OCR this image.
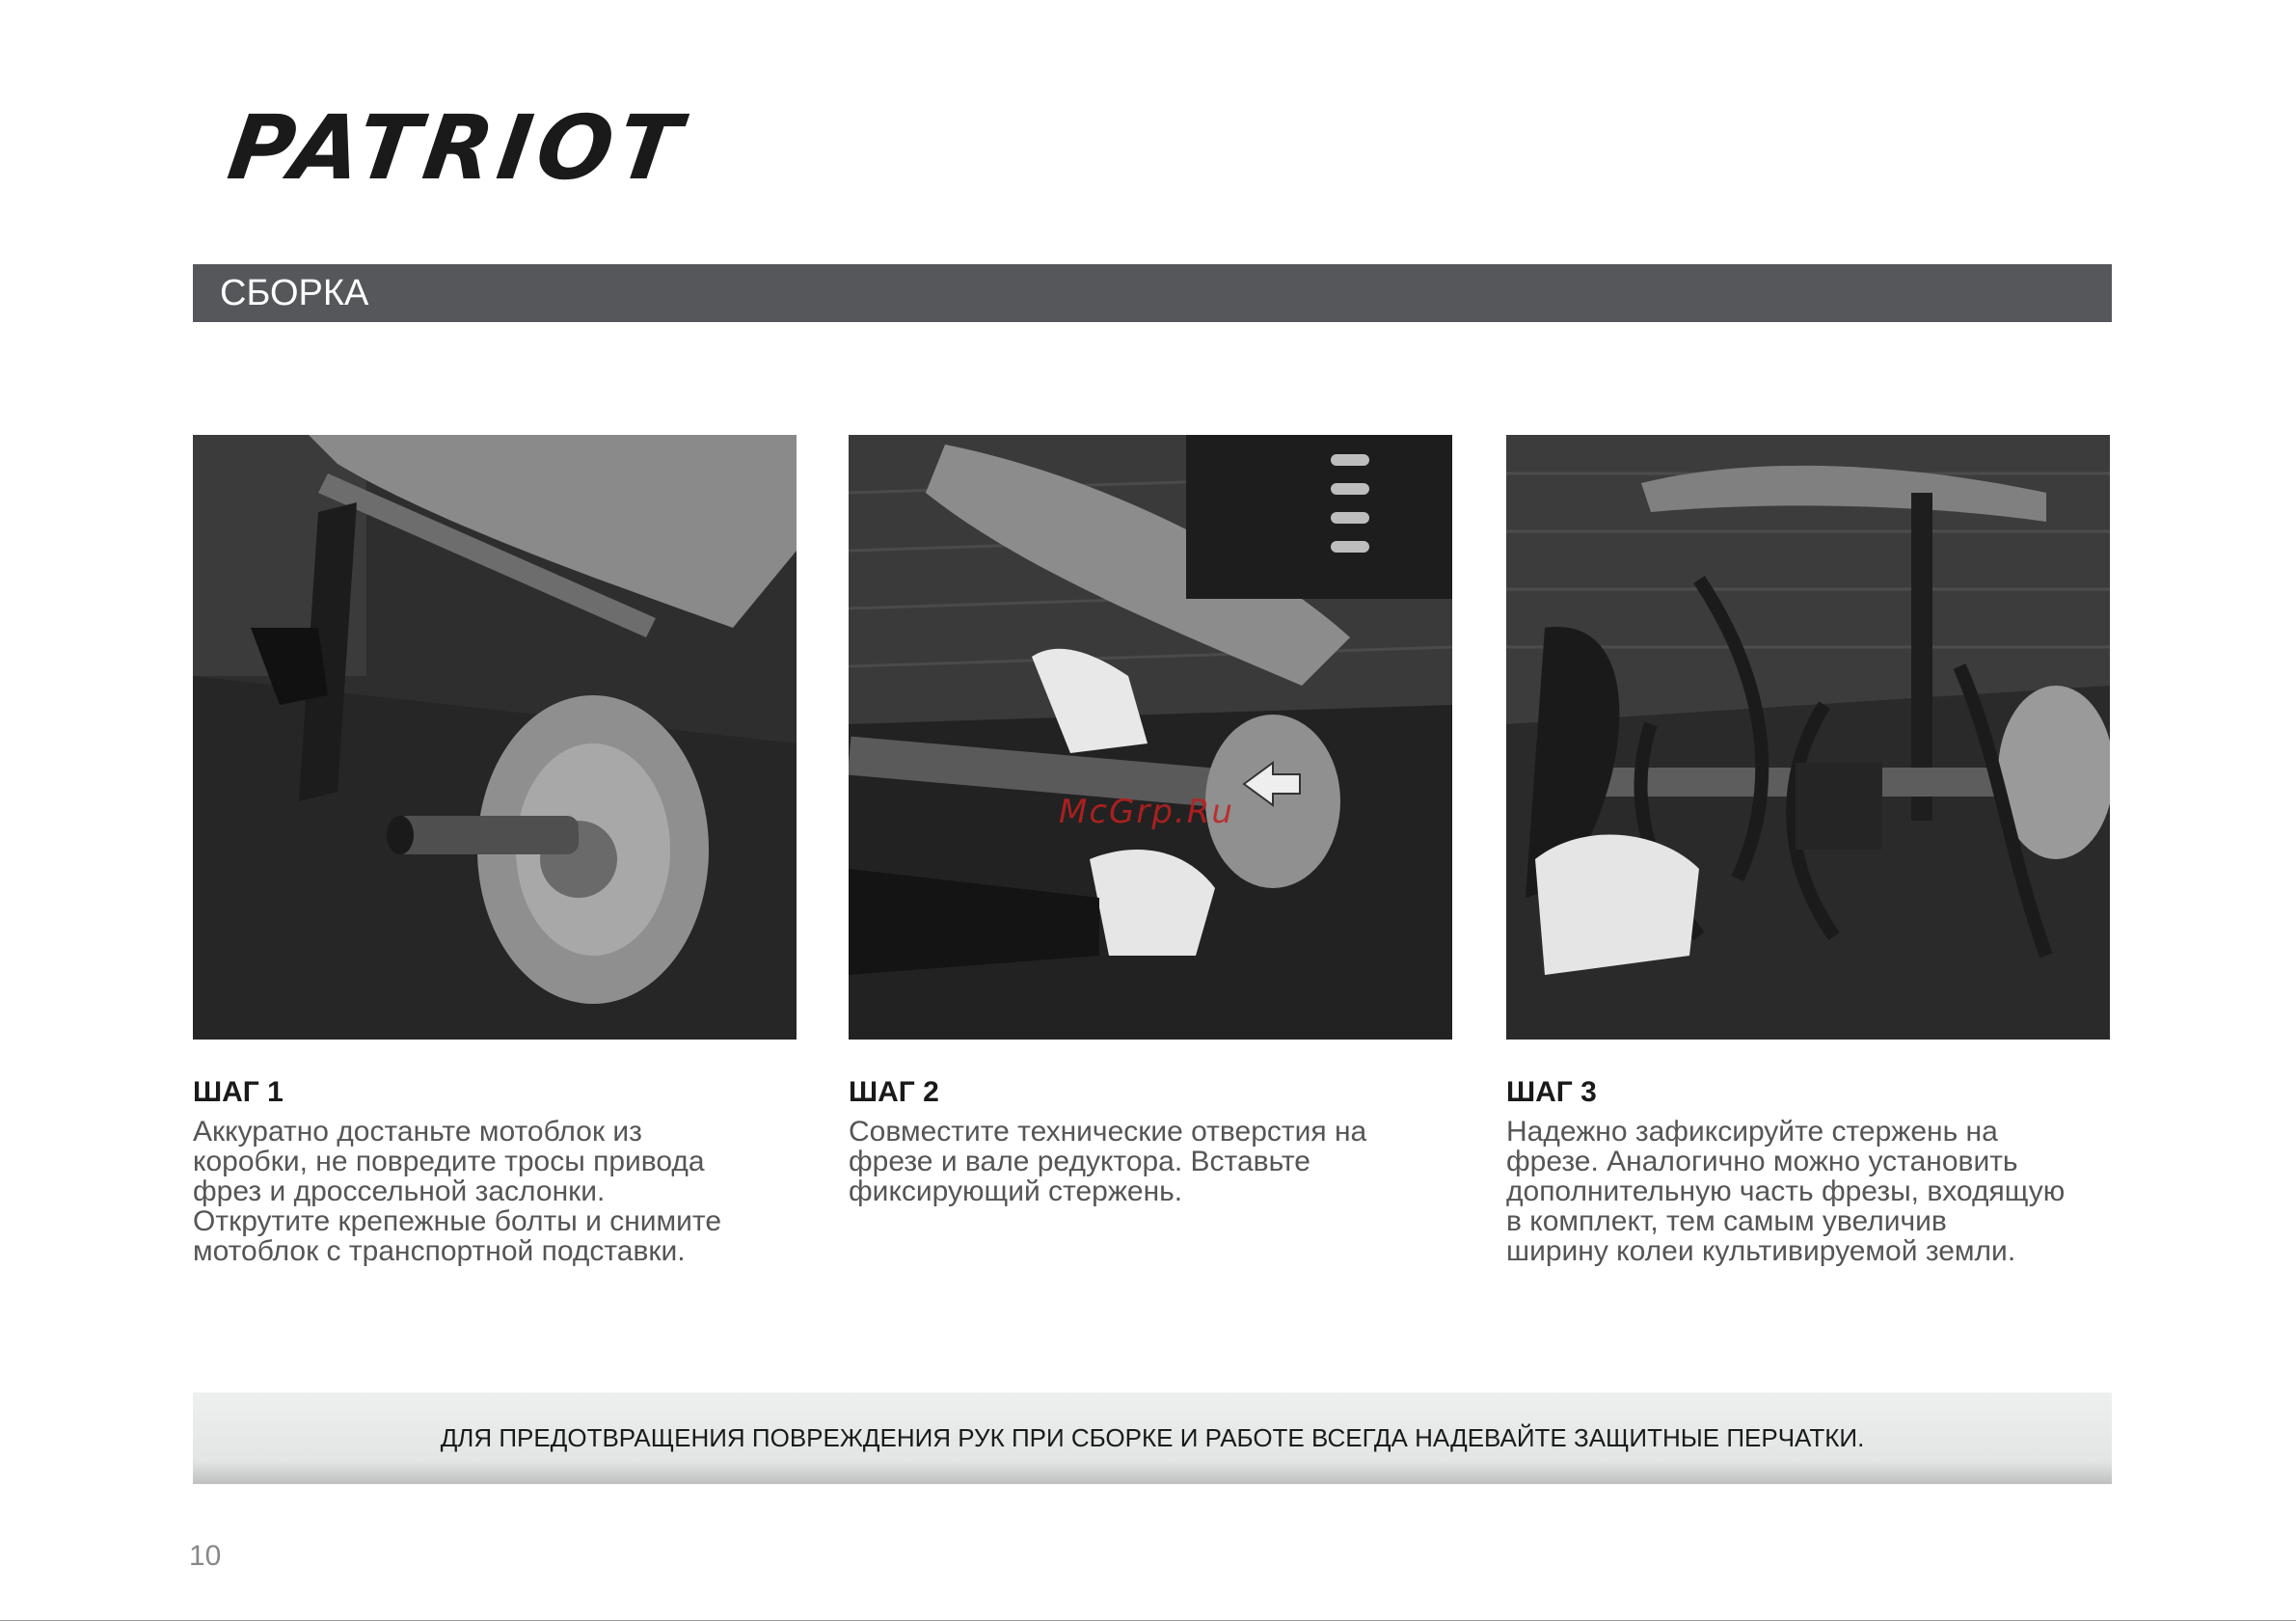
PATRIOT
СБОРКА
McGrp.Ru
ШАГ 1
Аккуратно достаньте мотоблок из
коробки, не повредите тросы привода
фрез и дроссельной заслонки.
Открутите крепежные болты и снимите
мотоблок с транспортной подставки.
ШАГ 2
Совместите технические отверстия на
фрезе и вале редуктора. Вставьте
фиксирующий стержень.
ШАГ 3
Надежно зафиксируйте стержень на
фрезе. Аналогично можно установить
дополнительную часть фрезы, входящую
в комплект, тем самым увеличив
ширину колеи культивируемой земли.
ДЛЯ ПРЕДОТВРАЩЕНИЯ ПОВРЕЖДЕНИЯ РУК ПРИ СБОРКЕ И РАБОТЕ ВСЕГДА НАДЕВАЙТЕ ЗАЩИТНЫЕ ПЕРЧАТКИ.
10
